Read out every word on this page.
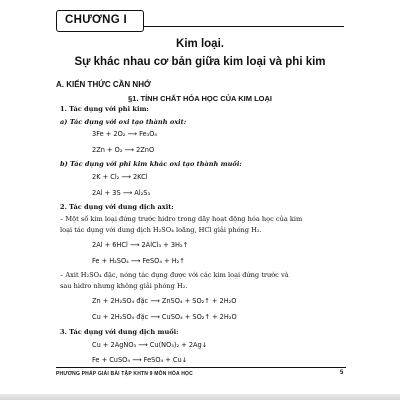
CHƯƠNG I
Kim loại.
Sự khác nhau cơ bản giữa kim loại và phi kim
A. KIẾN THỨC CẦN NHỚ
§1. TÍNH CHẤT HÓA HỌC CỦA KIM LOẠI
1. Tác dụng với phi kim:
a) Tác dụng với oxi tạo thành oxit:
3Fe + 2O₂ ⟶ Fe₃O₄
2Zn + O₂ ⟶ 2ZnO
b) Tác dụng với phi kim khác oxi tạo thành muối:
2K + Cl₂ ⟶ 2KCl
2Al + 3S ⟶ Al₂S₃
2. Tác dụng với dung dịch axit:
– Một số kim loại đứng trước hidro trong dãy hoạt động hóa học của kim
loại tác dụng với dung dịch H₂SO₄ loãng, HCl giải phóng H₂.
2Al + 6HCl ⟶ 2AlCl₃ + 3H₂↑
Fe + H₂SO₄ ⟶ FeSO₄ + H₂↑
– Axit H₂SO₄ đặc, nóng tác dụng được với các kim loại đứng trước và
sau hidro nhưng không giải phóng H₂.
Zn + 2H₂SO₄ đặc ⟶ ZnSO₄ + SO₂↑ + 2H₂O
Cu + 2H₂SO₄ đặc ⟶ CuSO₄ + SO₂↑ + 2H₂O
3. Tác dụng với dung dịch muối:
Cu + 2AgNO₃ ⟶ Cu(NO₃)₂ + 2Ag↓
Fe + CuSO₄ ⟶ FeSO₄ + Cu↓
PHƯƠNG PHÁP GIẢI BÀI TẬP KHTN 9 MÔN HÓA HỌC	5
